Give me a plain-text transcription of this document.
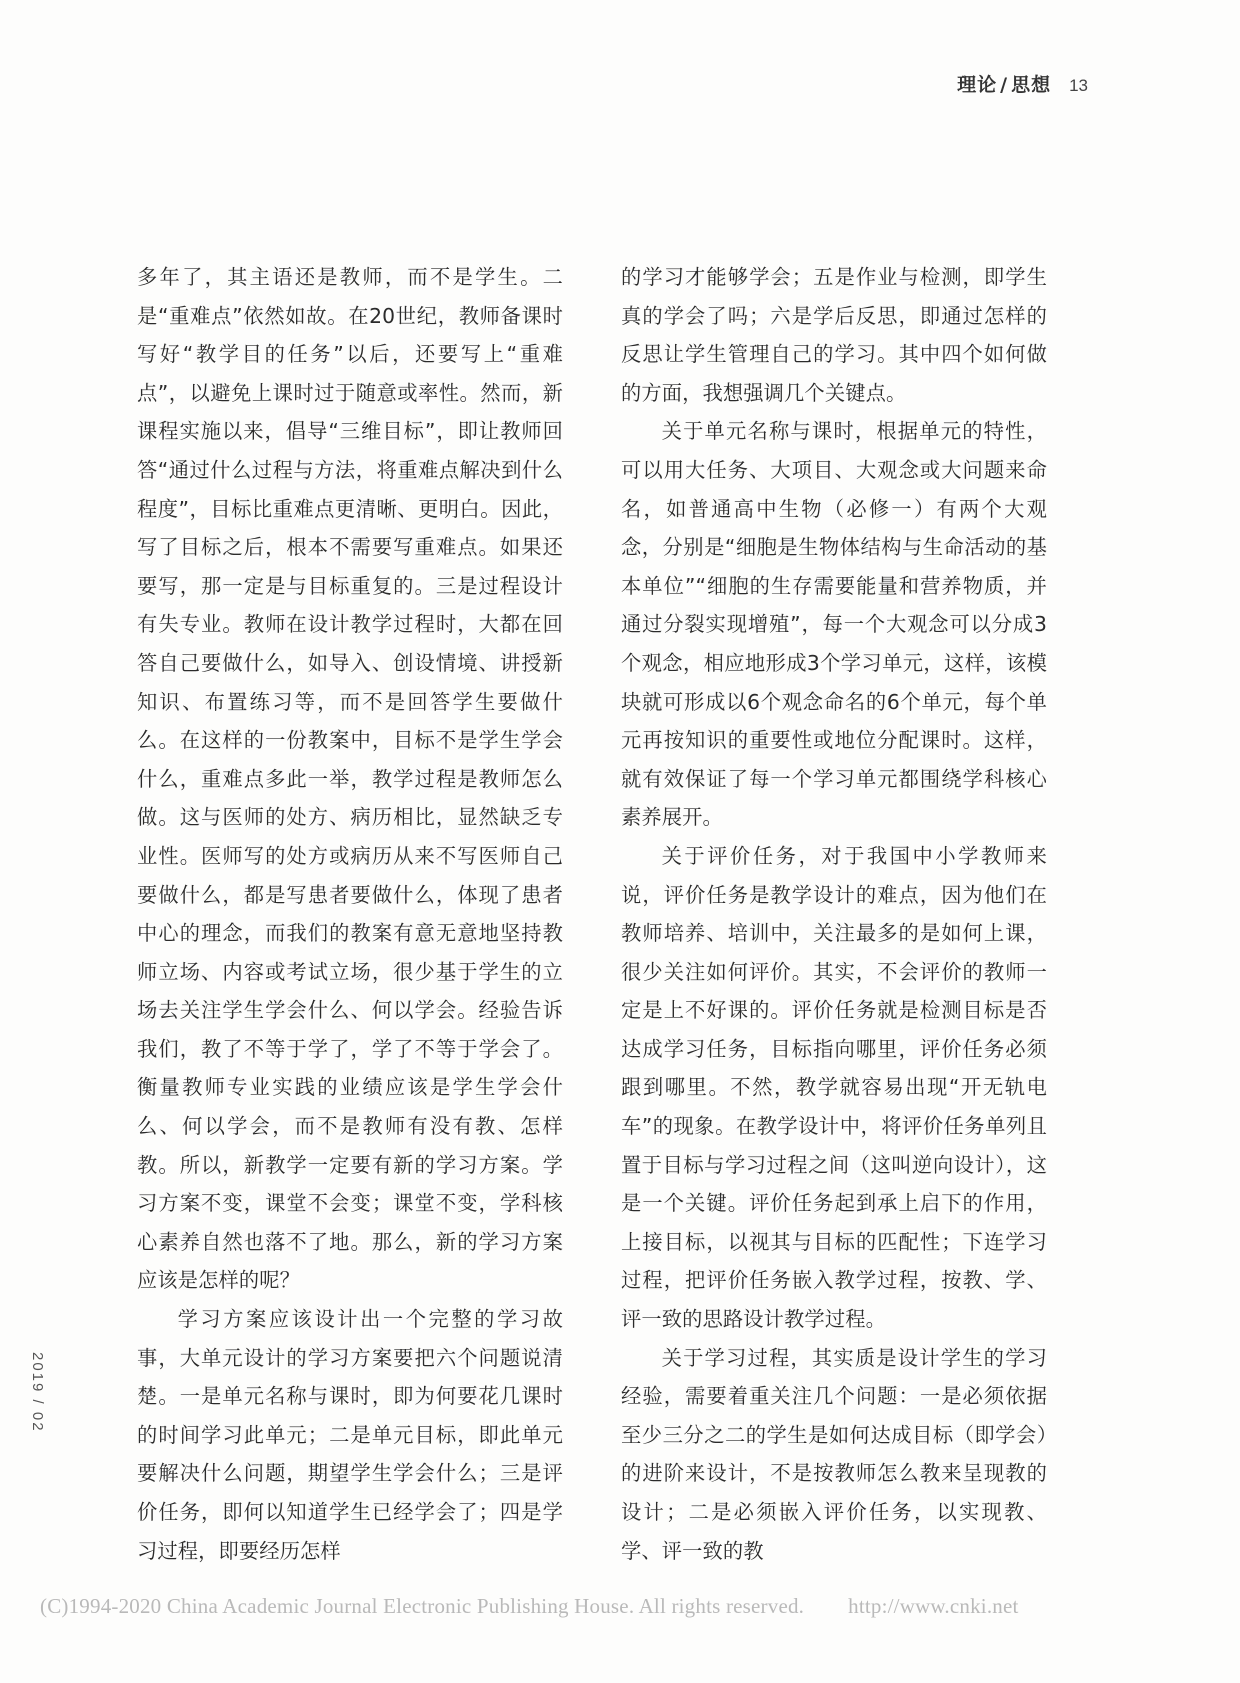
理论 / 思想 13

多年了，其主语还是教师，而不是学生。二是“重难点”依然如故。在20世纪，教师备课时写好“教学目的任务”以后，还要写上“重难点”，以避免上课时过于随意或率性。然而，新课程实施以来，倡导“三维目标”，即让教师回答“通过什么过程与方法，将重难点解决到什么程度”，目标比重难点更清晰、更明白。因此，写了目标之后，根本不需要写重难点。如果还要写，那一定是与目标重复的。三是过程设计有失专业。教师在设计教学过程时，大都在回答自己要做什么，如导入、创设情境、讲授新知识、布置练习等，而不是回答学生要做什么。在这样的一份教案中，目标不是学生学会什么，重难点多此一举，教学过程是教师怎么做。这与医师的处方、病历相比，显然缺乏专业性。医师写的处方或病历从来不写医师自己要做什么，都是写患者要做什么，体现了患者中心的理念，而我们的教案有意无意地坚持教师立场、内容或考试立场，很少基于学生的立场去关注学生学会什么、何以学会。经验告诉我们，教了不等于学了，学了不等于学会了。衡量教师专业实践的业绩应该是学生学会什么、何以学会，而不是教师有没有教、怎样教。所以，新教学一定要有新的学习方案。学习方案不变，课堂不会变；课堂不变，学科核心素养自然也落不了地。那么，新的学习方案应该是怎样的呢？

学习方案应该设计出一个完整的学习故事，大单元设计的学习方案要把六个问题说清楚。一是单元名称与课时，即为何要花几课时的时间学习此单元；二是单元目标，即此单元要解决什么问题，期望学生学会什么；三是评价任务，即何以知道学生已经学会了；四是学习过程，即要经历怎样

的学习才能够学会；五是作业与检测，即学生真的学会了吗；六是学后反思，即通过怎样的反思让学生管理自己的学习。其中四个如何做的方面，我想强调几个关键点。

关于单元名称与课时，根据单元的特性，可以用大任务、大项目、大观念或大问题来命名，如普通高中生物（必修一）有两个大观念，分别是“细胞是生物体结构与生命活动的基本单位”“细胞的生存需要能量和营养物质，并通过分裂实现增殖”，每一个大观念可以分成3个观念，相应地形成3个学习单元，这样，该模块就可形成以6个观念命名的6个单元，每个单元再按知识的重要性或地位分配课时。这样，就有效保证了每一个学习单元都围绕学科核心素养展开。

关于评价任务，对于我国中小学教师来说，评价任务是教学设计的难点，因为他们在教师培养、培训中，关注最多的是如何上课，很少关注如何评价。其实，不会评价的教师一定是上不好课的。评价任务就是检测目标是否达成学习任务，目标指向哪里，评价任务必须跟到哪里。不然，教学就容易出现“开无轨电车”的现象。在教学设计中，将评价任务单列且置于目标与学习过程之间（这叫逆向设计），这是一个关键。评价任务起到承上启下的作用，上接目标，以视其与目标的匹配性；下连学习过程，把评价任务嵌入教学过程，按教、学、评一致的思路设计教学过程。

关于学习过程，其实质是设计学生的学习经验，需要着重关注几个问题：一是必须依据至少三分之二的学生是如何达成目标（即学会）的进阶来设计，不是按教师怎么教来呈现教的设计；二是必须嵌入评价任务，以实现教、学、评一致的教

2019 / 02
(C)1994-2020 China Academic Journal Electronic Publishing House. All rights reserved. http://www.cnki.net
